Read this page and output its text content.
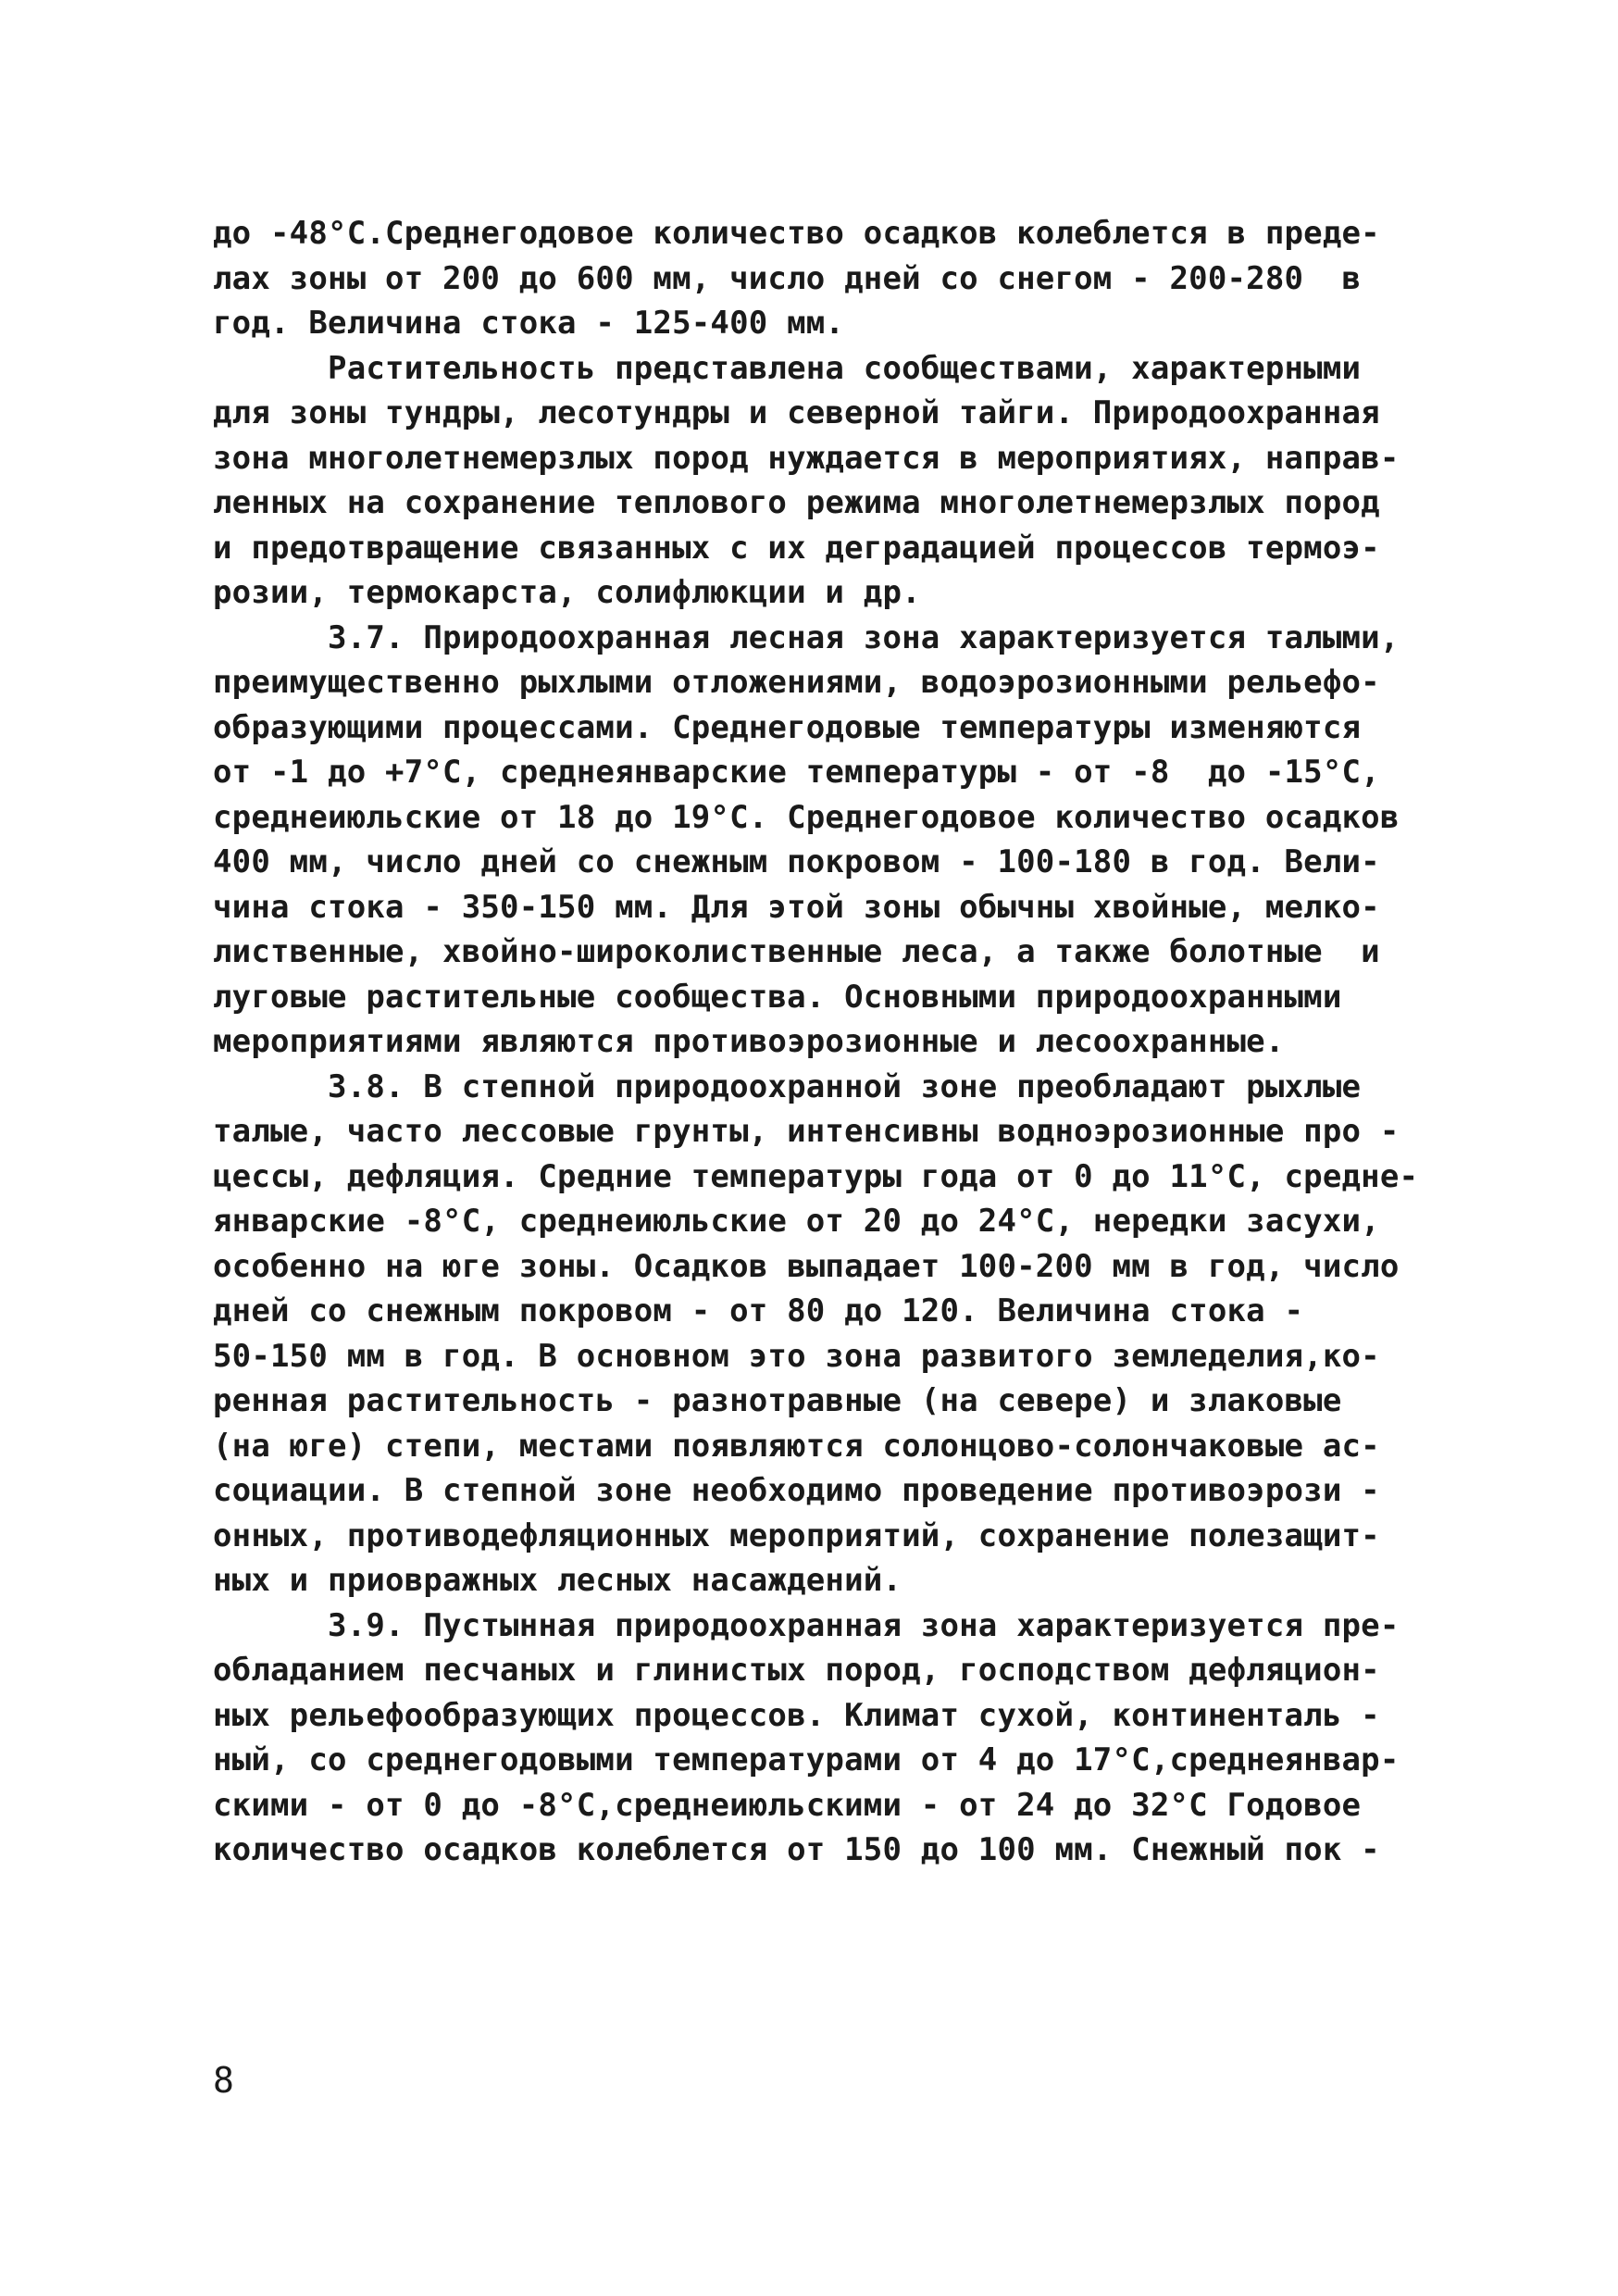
до -48°С.Среднегодовое количество осадков колеблется в преде-
лах зоны от 200 до 600 мм, число дней со снегом - 200-280  в
год. Величина стока - 125-400 мм.
Растительность представлена сообществами, характерными
для зоны тундры, лесотундры и северной тайги. Природоохранная
зона многолетнемерзлых пород нуждается в мероприятиях, направ-
ленных на сохранение теплового режима многолетнемерзлых пород
и предотвращение связанных с их деградацией процессов термоэ-
розии, термокарста, солифлюкции и др.
3.7. Природоохранная лесная зона характеризуется талыми,
преимущественно рыхлыми отложениями, водоэрозионными рельефо-
образующими процессами. Среднегодовые температуры изменяются
от -1 до +7°С, среднеянварские температуры - от -8  до -15°С,
среднеиюльские от 18 до 19°С. Среднегодовое количество осадков
400 мм, число дней со снежным покровом - 100-180 в год. Вели-
чина стока - 350-150 мм. Для этой зоны обычны хвойные, мелко-
лиственные, хвойно-широколиственные леса, а также болотные  и
луговые растительные сообщества. Основными природоохранными
мероприятиями являются противоэрозионные и лесоохранные.
3.8. В степной природоохранной зоне преобладают рыхлые
талые, часто лессовые грунты, интенсивны водноэрозионные про -
цессы, дефляция. Средние температуры года от 0 до 11°С, средне-
январские -8°С, среднеиюльские от 20 до 24°С, нередки засухи,
особенно на юге зоны. Осадков выпадает 100-200 мм в год, число
дней со снежным покровом - от 80 до 120. Величина стока -
50-150 мм в год. В основном это зона развитого земледелия,ко-
ренная растительность - разнотравные (на севере) и злаковые
(на юге) степи, местами появляются солонцово-солончаковые ас-
социации. В степной зоне необходимо проведение противоэрози -
онных, противодефляционных мероприятий, сохранение полезащит-
ных и приовражных лесных насаждений.
3.9. Пустынная природоохранная зона характеризуется пре-
обладанием песчаных и глинистых пород, господством дефляцион-
ных рельефообразующих процессов. Климат сухой, континенталь -
ный, со среднегодовыми температурами от 4 до 17°С,среднеянвар-
скими - от 0 до -8°С,среднеиюльскими - от 24 до 32°С Годовое
количество осадков колеблется от 150 до 100 мм. Снежный пок -
8
